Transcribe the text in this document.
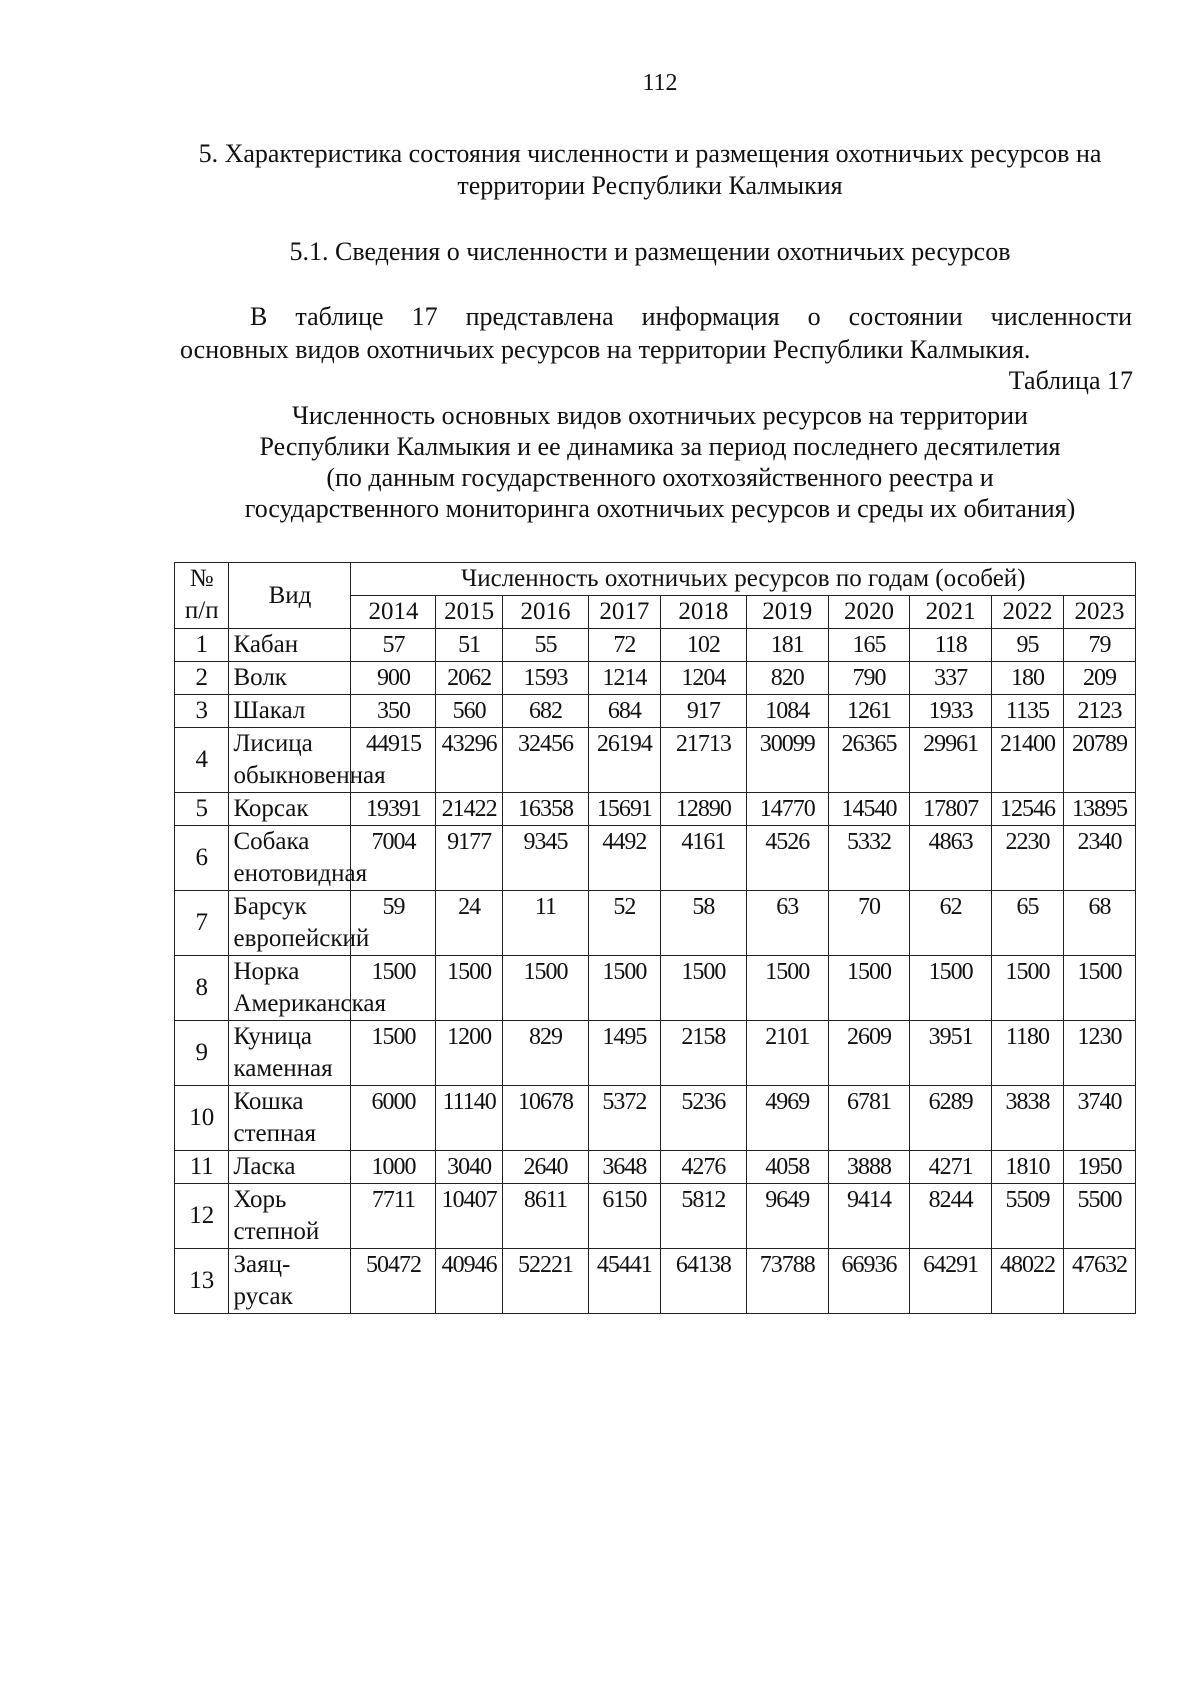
112
5. Характеристика состояния численности и размещения охотничьих ресурсов на территории Республики Калмыкия
5.1. Сведения о численности и размещении охотничьих ресурсов
В таблице 17 представлена информация о состоянии численности
основных видов охотничьих ресурсов на территории Республики Калмыкия.
Таблица 17
Численность основных видов охотничьих ресурсов на территории
Республики Калмыкия и ее динамика за период последнего десятилетия
(по данным государственного охотхозяйственного реестра и
государственного мониторинга охотничьих ресурсов и среды их обитания)
№ п/п	Вид	Численность охотничьих ресурсов по годам (особей)									
		2014	2015	2016	2017	2018	2019	2020	2021	2022	2023
1	Кабан	57	51	55	72	102	181	165	118	95	79
2	Волк	900	2062	1593	1214	1204	820	790	337	180	209
3	Шакал	350	560	682	684	917	1084	1261	1933	1135	2123
4	Лисица обыкновенная	44915	43296	32456	26194	21713	30099	26365	29961	21400	20789
5	Корсак	19391	21422	16358	15691	12890	14770	14540	17807	12546	13895
6	Собака енотовидная	7004	9177	9345	4492	4161	4526	5332	4863	2230	2340
7	Барсук европейский	59	24	11	52	58	63	70	62	65	68
8	Норка Американская	1500	1500	1500	1500	1500	1500	1500	1500	1500	1500
9	Куница каменная	1500	1200	829	1495	2158	2101	2609	3951	1180	1230
10	Кошка степная	6000	11140	10678	5372	5236	4969	6781	6289	3838	3740
11	Ласка	1000	3040	2640	3648	4276	4058	3888	4271	1810	1950
12	Хорь степной	7711	10407	8611	6150	5812	9649	9414	8244	5509	5500
13	Заяц-русак	50472	40946	52221	45441	64138	73788	66936	64291	48022	47632
